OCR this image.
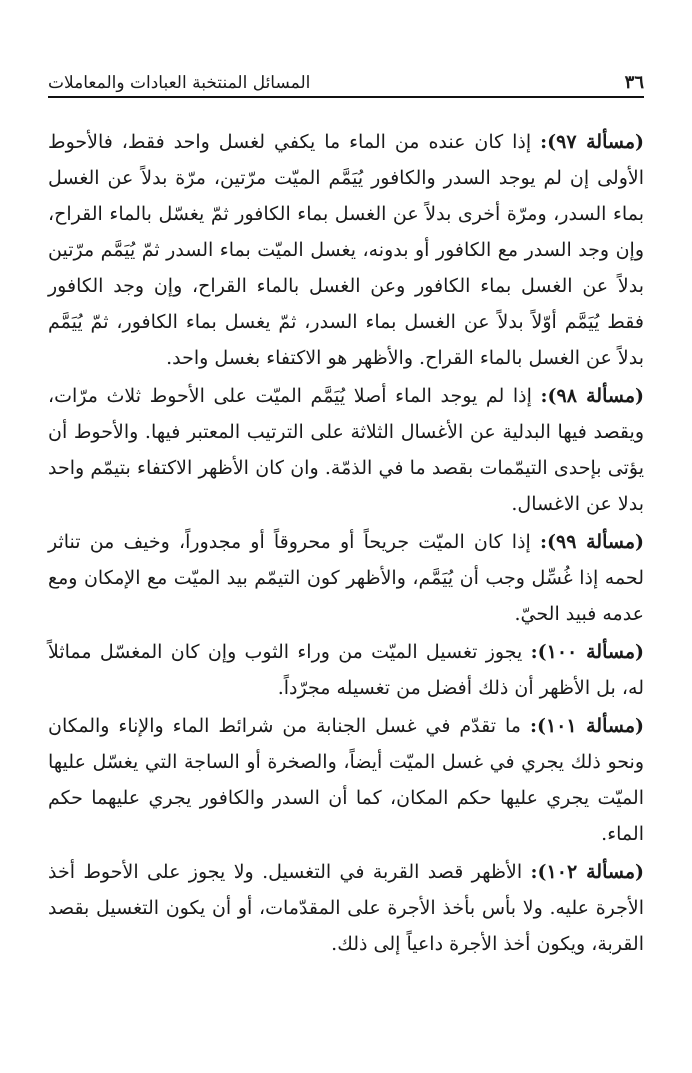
٣٦
المسائل المنتخبة العبادات والمعاملات

(مسألة ٩٧): إذا كان عنده من الماء ما يكفي لغسل واحد فقط، فالأحوط الأولى إن لم يوجد السدر والكافور يُيَمَّم الميّت مرّتين، مرّة بدلاً عن الغسل بماء السدر، ومرّة أخرى بدلاً عن الغسل بماء الكافور ثمّ يغسّل بالماء القراح، وإن وجد السدر مع الكافور أو بدونه، يغسل الميّت بماء السدر ثمّ يُيَمَّم مرّتين بدلاً عن الغسل بماء الكافور وعن الغسل بالماء القراح، وإن وجد الكافور فقط يُيَمَّم أوّلاً بدلاً عن الغسل بماء السدر، ثمّ يغسل بماء الكافور، ثمّ يُيَمَّم بدلاً عن الغسل بالماء القراح. والأظهر هو الاكتفاء بغسل واحد.

(مسألة ٩٨): إذا لم يوجد الماء أصلا يُيَمَّم الميّت على الأحوط ثلاث مرّات، ويقصد فيها البدلية عن الأغسال الثلاثة على الترتيب المعتبر فيها. والأحوط أن يؤتى بإحدى التيمّمات بقصد ما في الذمّة. وان كان الأظهر الاكتفاء بتيمّم واحد بدلا عن الاغسال.

(مسألة ٩٩): إذا كان الميّت جريحاً أو محروقاً أو مجدوراً، وخيف من تناثر لحمه إذا غُسِّل وجب أن يُيَمَّم، والأظهر كون التيمّم بيد الميّت مع الإمكان ومع عدمه فبيد الحيّ.

(مسألة ١٠٠): يجوز تغسيل الميّت من وراء الثوب وإن كان المغسّل مماثلاً له، بل الأظهر أن ذلك أفضل من تغسيله مجرّداً.

(مسألة ١٠١): ما تقدّم في غسل الجنابة من شرائط الماء والإناء والمكان ونحو ذلك يجري في غسل الميّت أيضاً، والصخرة أو الساجة التي يغسّل عليها الميّت يجري عليها حكم المكان، كما أن السدر والكافور يجري عليهما حكم الماء.

(مسألة ١٠٢): الأظهر قصد القربة في التغسيل. ولا يجوز على الأحوط أخذ الأجرة عليه. ولا بأس بأخذ الأجرة على المقدّمات، أو أن يكون التغسيل بقصد القربة، ويكون أخذ الأجرة داعياً إلى ذلك.
